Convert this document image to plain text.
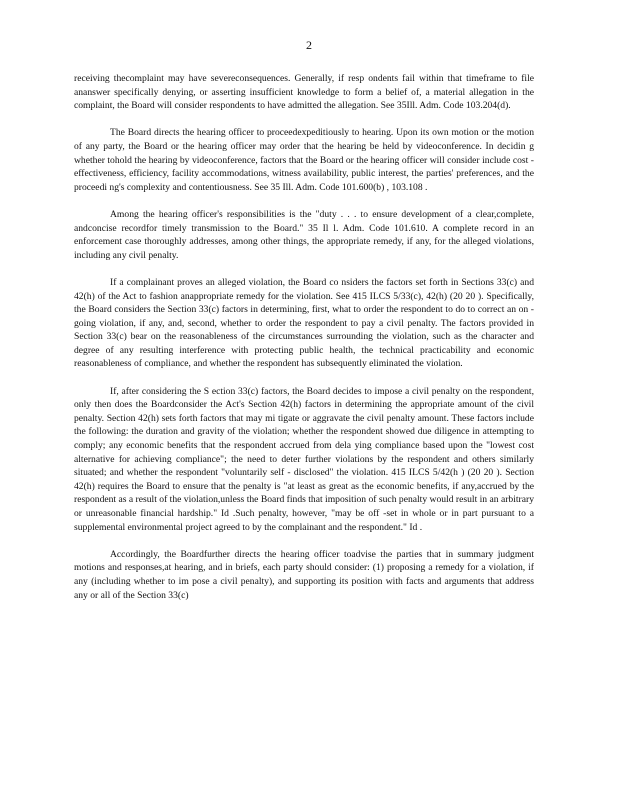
2

receiving thecomplaint may have severeconsequences. Generally, if resp ondents fail within that timeframe to file ananswer specifically denying, or asserting insufficient knowledge to form a belief of, a material allegation in the complaint, the Board will consider respondents to have admitted the allegation. See 35Ill. Adm. Code 103.204(d).

The Board directs the hearing officer to proceedexpeditiously to hearing. Upon its own motion or the motion of any party, the Board or the hearing officer may order that the hearing be held by videoconference. In decidin g whether tohold the hearing by videoconference, factors that the Board or the hearing officer will consider include cost -effectiveness, efficiency, facility accommodations, witness availability, public interest, the parties' preferences, and the proceedi ng's complexity and contentiousness. See 35 Ill. Adm. Code 101.600(b) , 103.108 .

Among the hearing officer's responsibilities is the "duty . . . to ensure development of a clear,complete, andconcise recordfor timely transmission to the Board." 35 Il l. Adm. Code 101.610. A complete record in an enforcement case thoroughly addresses, among other things, the appropriate remedy, if any, for the alleged violations, including any civil penalty.

If a complainant proves an alleged violation, the Board co nsiders the factors set forth in Sections 33(c) and 42(h) of the Act to fashion anappropriate remedy for the violation. See 415 ILCS 5/33(c), 42(h) (20 20 ). Specifically, the Board considers the Section 33(c) factors in determining, first, what to order the respondent to do to correct an on -going violation, if any, and, second, whether to order the respondent to pay a civil penalty. The factors provided in Section 33(c) bear on the reasonableness of the circumstances surrounding the violation, such as the character and degree of any resulting interference with protecting public health, the technical practicability and economic reasonableness of compliance, and whether the respondent has subsequently eliminated the violation.

If, after considering the S ection 33(c) factors, the Board decides to impose a civil penalty on the respondent, only then does the Boardconsider the Act's Section 42(h) factors in determining the appropriate amount of the civil penalty. Section 42(h) sets forth factors that may mi tigate or aggravate the civil penalty amount. These factors include the following: the duration and gravity of the violation; whether the respondent showed due diligence in attempting to comply; any economic benefits that the respondent accrued from dela ying compliance based upon the "lowest cost alternative for achieving compliance"; the need to deter further violations by the respondent and others similarly situated; and whether the respondent "voluntarily self - disclosed" the violation. 415 ILCS 5/42(h ) (20 20 ). Section 42(h) requires the Board to ensure that the penalty is "at least as great as the economic benefits, if any,accrued by the respondent as a result of the violation,unless the Board finds that imposition of such penalty would result in an arbitrary or unreasonable financial hardship." Id .Such penalty, however, "may be off -set in whole or in part pursuant to a supplemental environmental project agreed to by the complainant and the respondent." Id .

Accordingly, the Boardfurther directs the hearing officer toadvise the parties that in summary judgment motions and responses,at hearing, and in briefs, each party should consider: (1) proposing a remedy for a violation, if any (including whether to im pose a civil penalty), and supporting its position with facts and arguments that address any or all of the Section 33(c)
